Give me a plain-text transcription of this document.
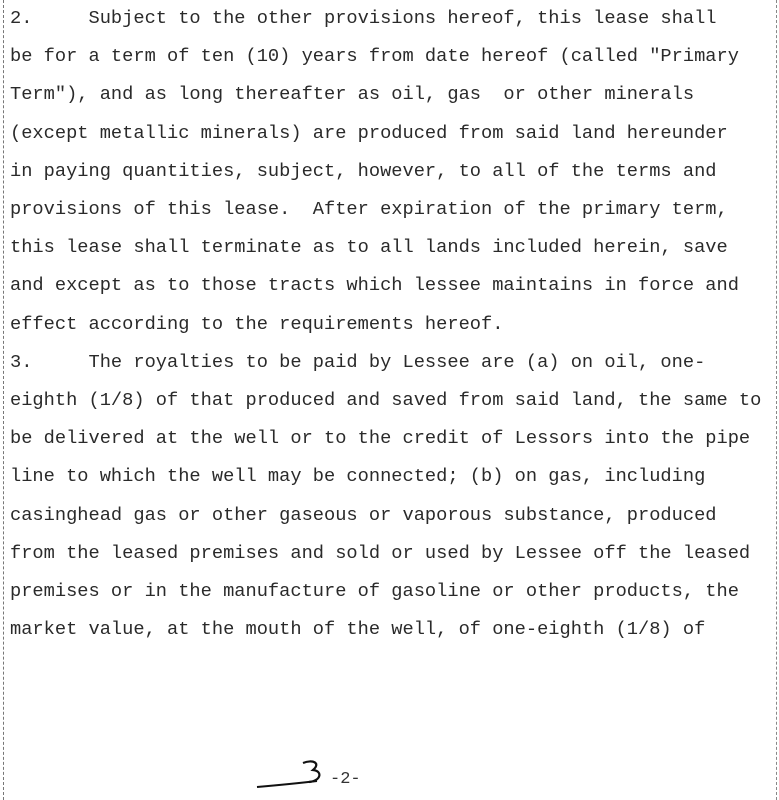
2.     Subject to the other provisions hereof, this lease shall
be for a term of ten (10) years from date hereof (called "Primary
Term"), and as long thereafter as oil, gas  or other minerals
(except metallic minerals) are produced from said land hereunder
in paying quantities, subject, however, to all of the terms and
provisions of this lease.  After expiration of the primary term,
this lease shall terminate as to all lands included herein, save
and except as to those tracts which lessee maintains in force and
effect according to the requirements hereof.
3.     The royalties to be paid by Lessee are (a) on oil, one-
eighth (1/8) of that produced and saved from said land, the same to
be delivered at the well or to the credit of Lessors into the pipe
line to which the well may be connected; (b) on gas, including
casinghead gas or other gaseous or vaporous substance, produced
from the leased premises and sold or used by Lessee off the leased
premises or in the manufacture of gasoline or other products, the
market value, at the mouth of the well, of one-eighth (1/8) of
-2-
